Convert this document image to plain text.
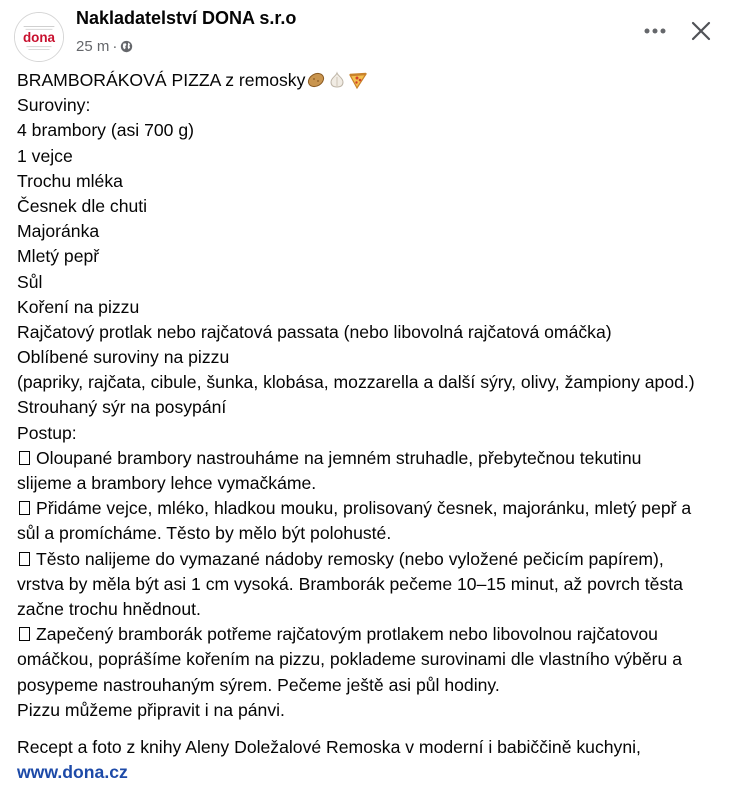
dona
Nakladatelství DONA s.r.o
25 m ·
BRAMBORÁKOVÁ PIZZA z remosky
Suroviny:
4 brambory (asi 700 g)
1 vejce
Trochu mléka
Česnek dle chuti
Majoránka
Mletý pepř
Sůl
Koření na pizzu
Rajčatový protlak nebo rajčatová passata (nebo libovolná rajčatová omáčka)
Oblíbené suroviny na pizzu
(papriky, rajčata, cibule, šunka, klobása, mozzarella a další sýry, olivy, žampiony apod.)
Strouhaný sýr na posypání
Postup:
Oloupané brambory nastrouháme na jemném struhadle, přebytečnou tekutinu
slijeme a brambory lehce vymačkáme.
Přidáme vejce, mléko, hladkou mouku, prolisovaný česnek, majoránku, mletý pepř a
sůl a promícháme. Těsto by mělo být polohusté.
Těsto nalijeme do vymazané nádoby remosky (nebo vyložené pečicím papírem),
vrstva by měla být asi 1 cm vysoká. Bramborák pečeme 10–15 minut, až povrch těsta
začne trochu hnědnout.
Zapečený bramborák potřeme rajčatovým protlakem nebo libovolnou rajčatovou
omáčkou, poprášíme kořením na pizzu, poklademe surovinami dle vlastního výběru a
posypeme nastrouhaným sýrem. Pečeme ještě asi půl hodiny.
Pizzu můžeme připravit i na pánvi.
Recept a foto z knihy Aleny Doležalové Remoska v moderní i babiččině kuchyni,
www.dona.cz
